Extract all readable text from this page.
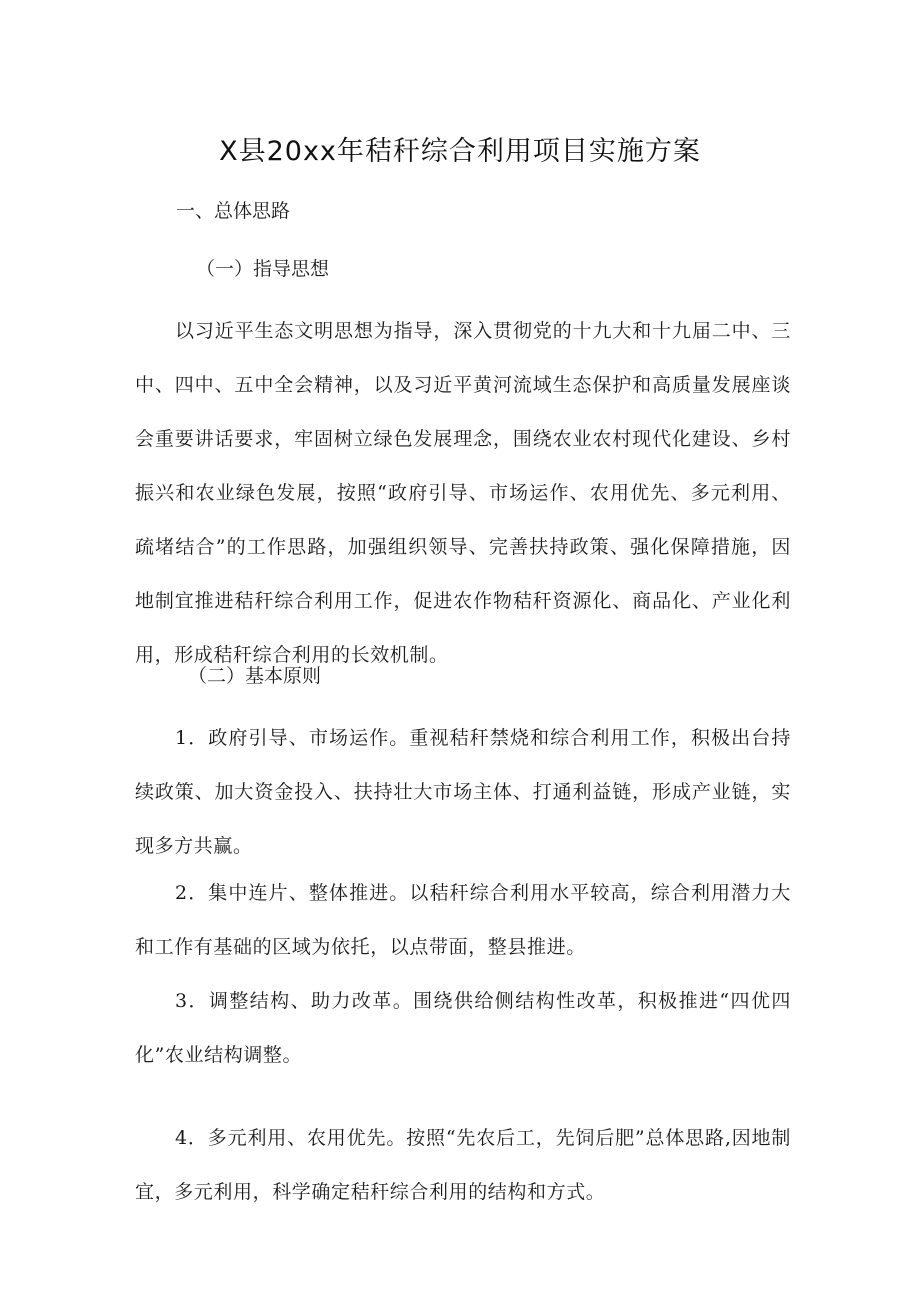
X县20xx年秸秆综合利用项目实施方案
一、总体思路
（一）指导思想
以习近平生态文明思想为指导，深入贯彻党的十九大和十九届二中、三中、四中、五中全会精神，以及习近平黄河流域生态保护和高质量发展座谈会重要讲话要求，牢固树立绿色发展理念，围绕农业农村现代化建设、乡村振兴和农业绿色发展，按照“政府引导、市场运作、农用优先、多元利用、疏堵结合”的工作思路，加强组织领导、完善扶持政策、强化保障措施，因地制宜推进秸秆综合利用工作，促进农作物秸秆资源化、商品化、产业化利用，形成秸秆综合利用的长效机制。
（二）基本原则
1．政府引导、市场运作。重视秸秆禁烧和综合利用工作，积极出台持续政策、加大资金投入、扶持壮大市场主体、打通利益链，形成产业链，实现多方共赢。
2．集中连片、整体推进。以秸秆综合利用水平较高，综合利用潜力大和工作有基础的区域为依托，以点带面，整县推进。
3．调整结构、助力改革。围绕供给侧结构性改革，积极推进“四优四化”农业结构调整。
4．多元利用、农用优先。按照“先农后工，先饲后肥”总体思路,因地制宜，多元利用，科学确定秸秆综合利用的结构和方式。
